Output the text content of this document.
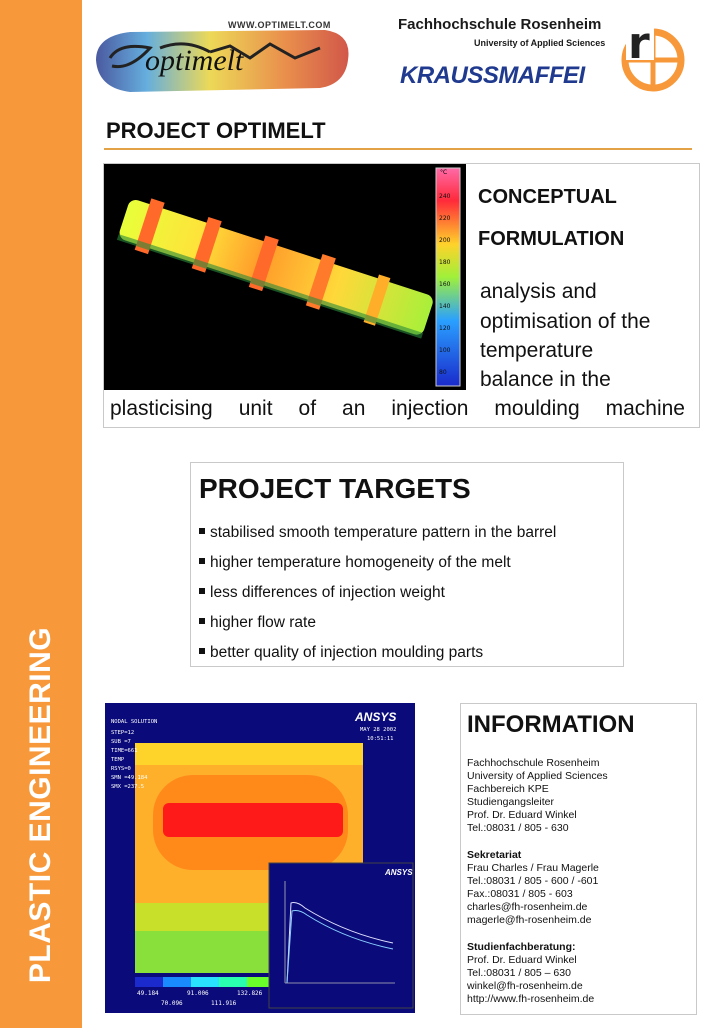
PLASTIC ENGINEERING
optimelt
WWW.OPTIMELT.COM	Fachhochschule Rosenheim
University of Applied Sciences
KRAUSSMAFFEI
r
PROJECT OPTIMELT
°C
240
220
200
180
160
140
120
100
80
CONCEPTUAL
FORMULATION
analysis and
optimisation of the
temperature
balance in the
plasticising unit of an injection moulding machine
PROJECT TARGETS
stabilised smooth temperature pattern in the barrel
higher temperature homogeneity of the melt
less differences of injection weight
higher flow rate
better quality of injection moulding parts
NODAL SOLUTION
STEP=12
SUB =7
TIME=661
TEMP
RSYS=0
SMN =49.184
SMX =237.5
MAY 28 2002
10:51:11
ANSYS
49.184	91.006	132.826
70.096	111.916
ANSYS
INFORMATION
Fachhochschule Rosenheim
University of Applied Sciences
Fachbereich KPE
Studiengangsleiter
Prof. Dr. Eduard Winkel
Tel.:08031 / 805 - 630
Sekretariat
Frau Charles / Frau Magerle
Tel.:08031 / 805 - 600 / -601
Fax.:08031 / 805 - 603
charles@fh-rosenheim.de
magerle@fh-rosenheim.de
Studienfachberatung:
Prof. Dr. Eduard Winkel
Tel.:08031 / 805 – 630
winkel@fh-rosenheim.de
http://www.fh-rosenheim.de
